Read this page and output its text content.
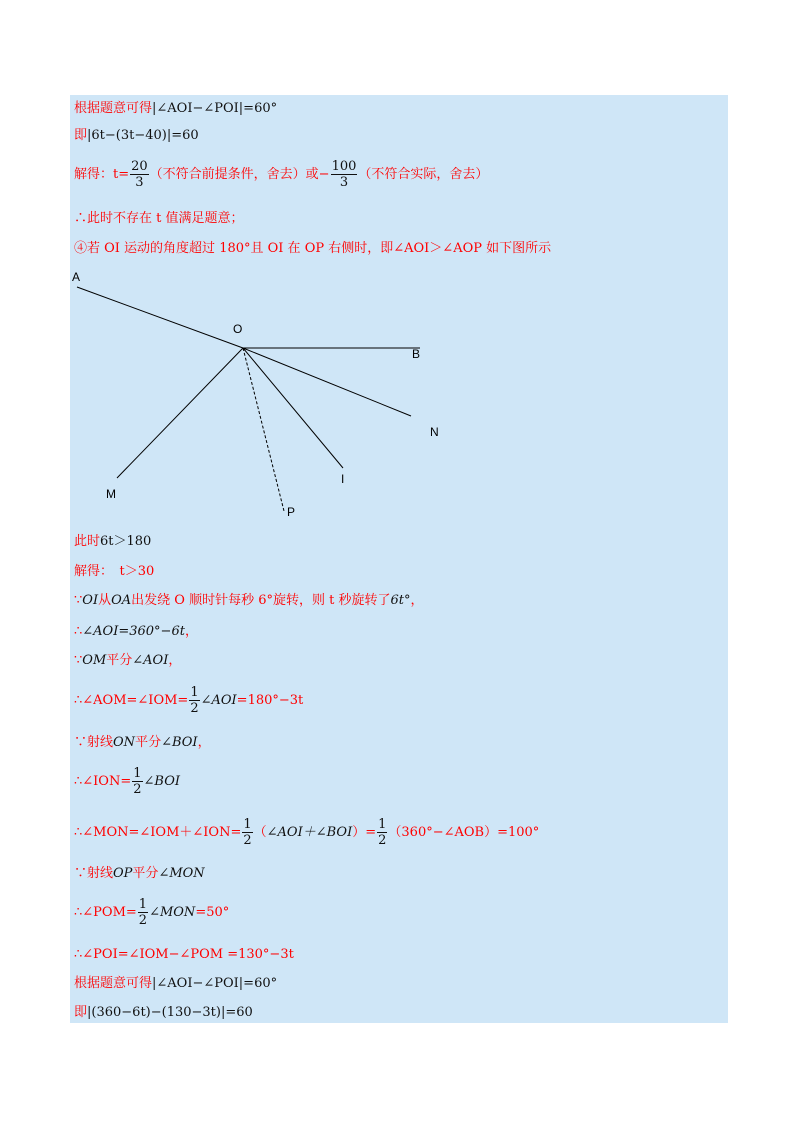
根据题意可得|∠AOI−∠POI|=60°
即|6t−(3t−40)|=60
解得：$t= \frac{20}{3}$ （不符合前提条件，舍去）或− $\frac{100}{3}$ （不符合实际，舍去）
∴此时不存在 t 值满足题意；
④若 OI 运动的角度超过 180°且 OI 在 OP 右侧时，即∠AOI＞∠AOP 如下图所示
A
O
B
N
M
I
P
此时6t＞180
解得：　t＞30
∵OI从OA出发绕 O 顺时针每秒 6°旋转，则 t 秒旋转了6t°，
∴∠AOI=360°−6t，
∵OM平分∠AOI，
∴∠AOM=∠IOM= $\frac{1}{2}$ ∠AOI=180°−3t
∵射线ON平分∠BOI，
∴∠ION= $\frac{1}{2}$ ∠BOI
∴∠MON=∠IOM＋∠ION= $\frac{1}{2}$ （∠AOI＋∠BOI）= $\frac{1}{2}$ （360°−∠AOB）=100°
∵射线OP平分∠MON
∴∠POM= $\frac{1}{2}$ ∠MON=50°
∴∠POI=∠IOM−∠POM =130°−3t
根据题意可得|∠AOI−∠POI|=60°
即|(360−6t)−(130−3t)|=60
